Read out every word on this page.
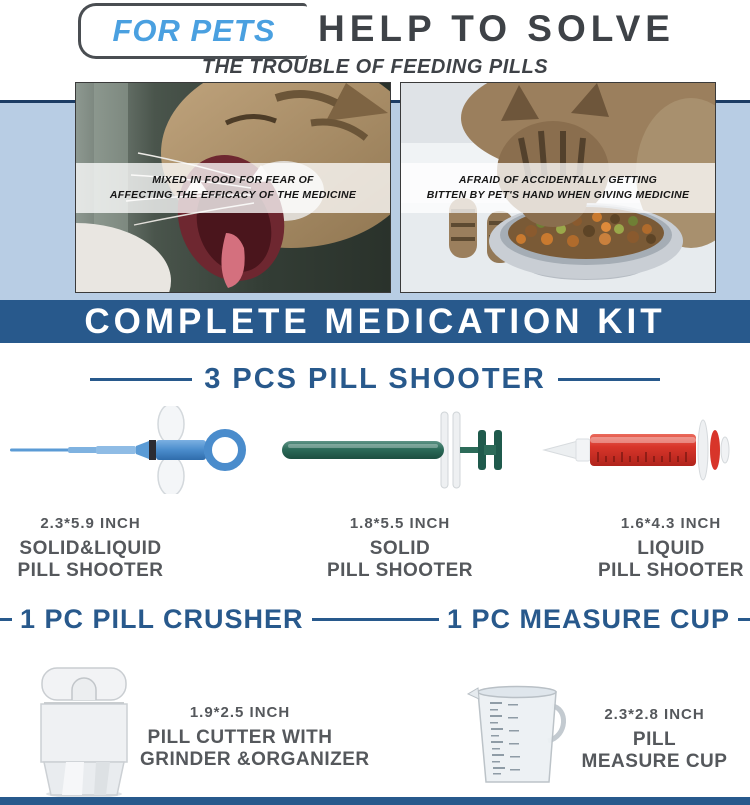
FOR PETS HELP TO SOLVE
THE TROUBLE OF FEEDING PILLS
MIXED IN FOOD FOR FEAR OF
AFFECTING THE EFFICACY OF THE MEDICINE
AFRAID OF ACCIDENTALLY GETTING
BITTEN BY PET'S HAND WHEN GIVING MEDICINE
COMPLETE MEDICATION KIT
3 PCS PILL SHOOTER
2.3*5.9 INCH
SOLID&LIQUID
PILL SHOOTER
1.8*5.5 INCH
SOLID
PILL SHOOTER
1.6*4.3 INCH
LIQUID
PILL SHOOTER
1 PC PILL CRUSHER	1 PC MEASURE CUP
1.9*2.5 INCH
PILL CUTTER WITH
GRINDER &ORGANIZER
2.3*2.8 INCH
PILL
MEASURE CUP
